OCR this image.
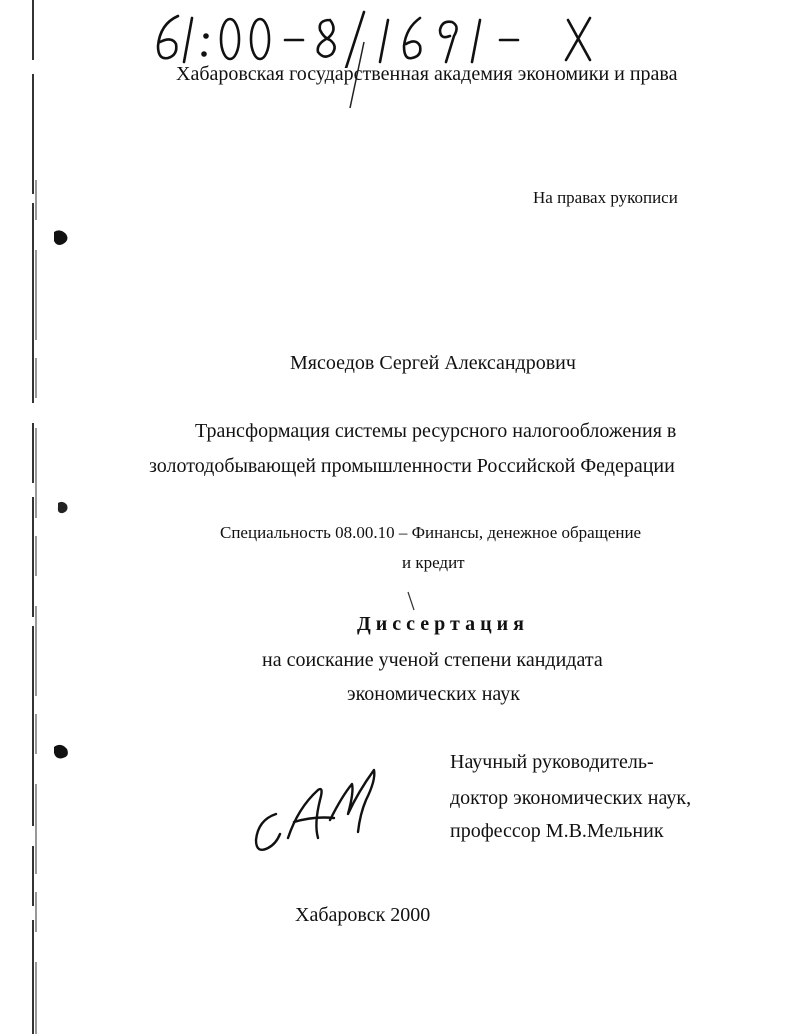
Хабаровская государственная академия экономики и права
На правах рукописи
Мясоедов Сергей Александрович
Трансформация системы ресурсного налогообложения в
золотодобывающей промышленности Российской Федерации
Специальность 08.00.10 – Финансы, денежное обращение
и кредит
Диссертация
на соискание ученой степени кандидата
экономических наук
Научный руководитель-
доктор экономических наук,
профессор М.В.Мельник
Хабаровск 2000
